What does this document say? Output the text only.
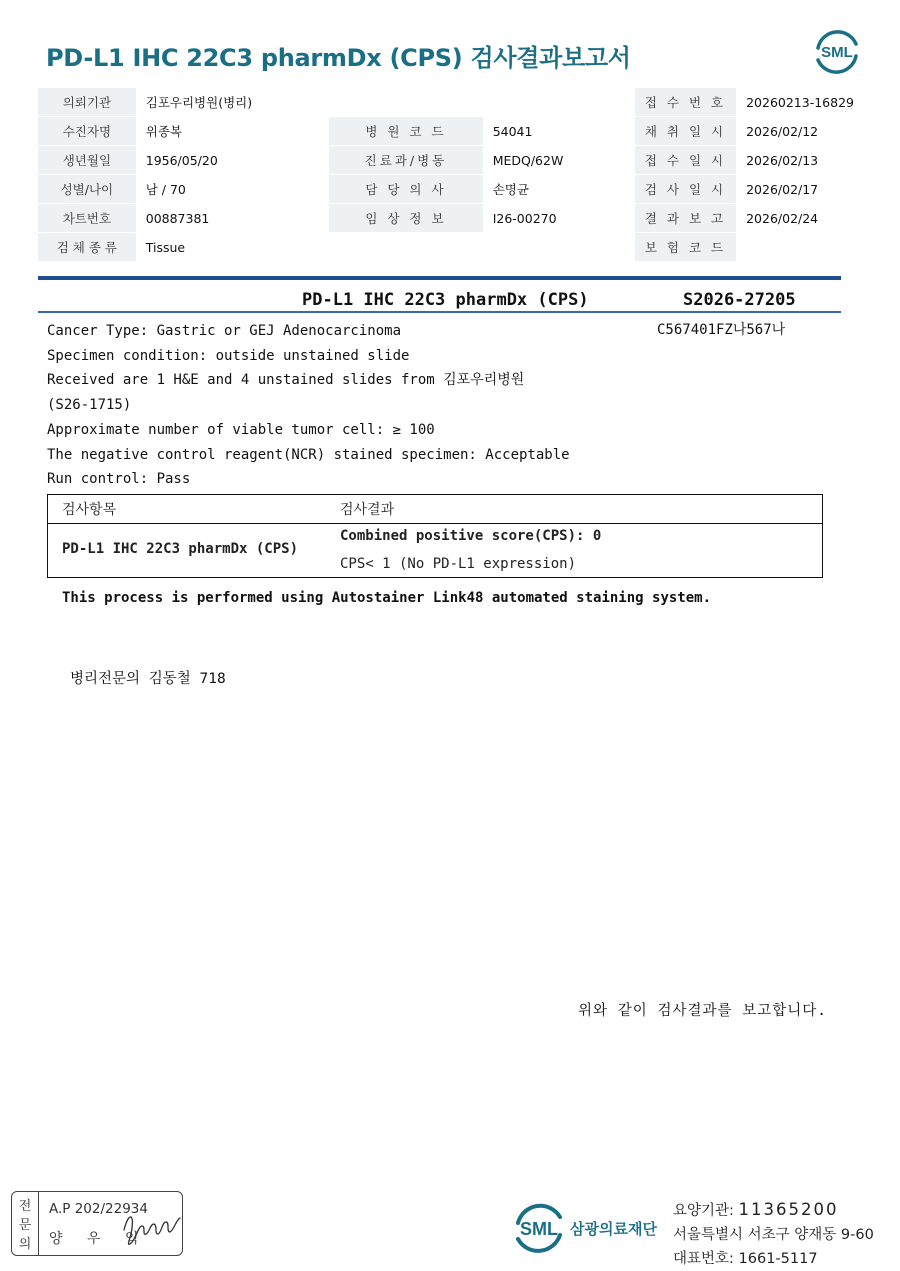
PD-L1 IHC 22C3 pharmDx (CPS) 검사결과보고서	SML
의뢰기관	김포우리병원(병리)			접 수 번 호	20260213-16829
수진자명	위종복	병 원 코 드	54041	채 취 일 시	2026/02/12
생년월일	1956/05/20	진료과/병동	MEDQ/62W	접 수 일 시	2026/02/13
성별/나이	남 / 70	담 당 의 사	손명균	검 사 일 시	2026/02/17
차트번호	00887381	임 상 정 보	I26-00270	결 과 보 고	2026/02/24
검 체 종 류	Tissue			보 험 코 드	
PD-L1 IHC 22C3 pharmDx (CPS)	S2026-27205
C567401FZ나567나
Cancer Type: Gastric or GEJ Adenocarcinoma
Specimen condition: outside unstained slide
Received are 1 H&E and 4 unstained slides from 김포우리병원
(S26-1715)
Approximate number of viable tumor cell: ≥ 100
The negative control reagent(NCR) stained specimen: Acceptable
Run control: Pass
검사항목	검사결과
PD-L1 IHC 22C3 pharmDx (CPS)
Combined positive score(CPS): 0
CPS< 1 (No PD-L1 expression)
This process is performed using Autostainer Link48 automated staining system.
병리전문의 김동철 718
위와 같이 검사결과를 보고합니다.
전
문
의
A.P 202/22934
양 우 익	SML 삼광의료재단
요양기관: 11365200
서울특별시 서초구 양재동 9-60
대표번호: 1661-5117
